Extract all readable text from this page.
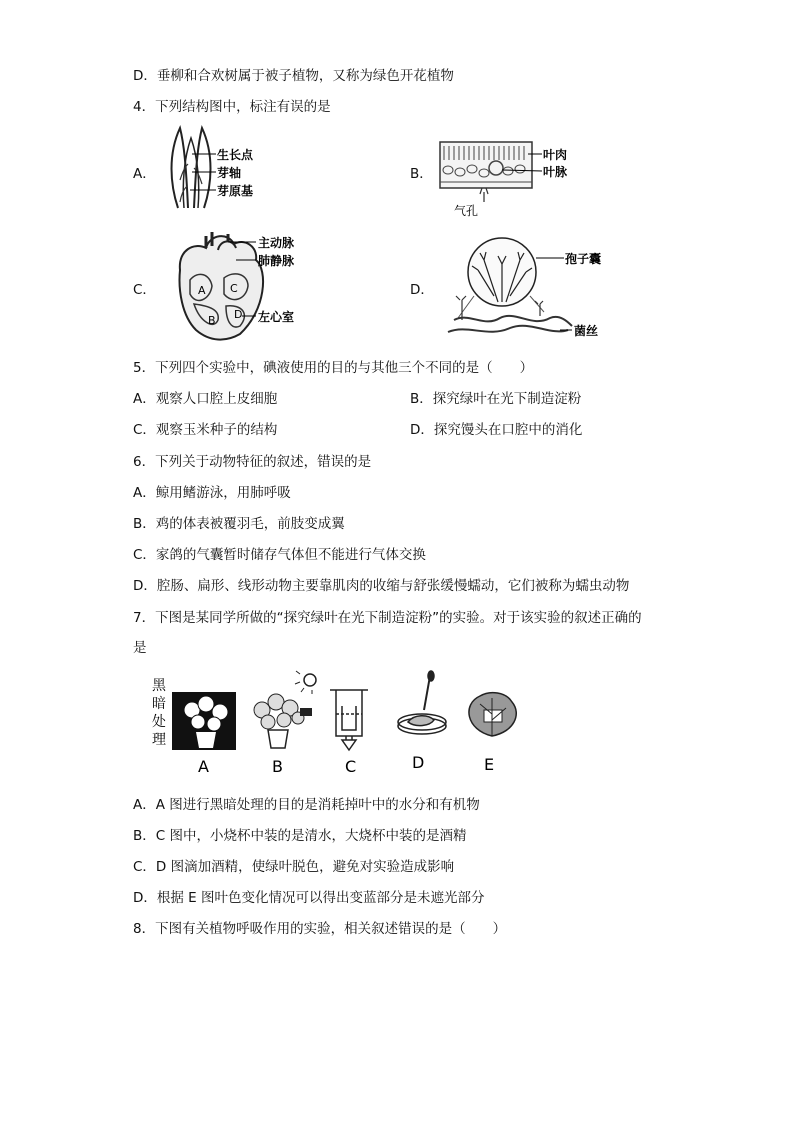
D．垂柳和合欢树属于被子植物，又称为绿色开花植物
4．下列结构图中，标注有误的是
A．	B．
C．	D．
生长点
芽轴
芽原基
叶肉
叶脉
气孔
A
B
C
D
主动脉
肺静脉
左心室
孢子囊
菌丝
5．下列四个实验中，碘液使用的目的与其他三个不同的是（　　）
A．观察人口腔上皮细胞	B．探究绿叶在光下制造淀粉
C．观察玉米种子的结构	D．探究馒头在口腔中的消化
6．下列关于动物特征的叙述，错误的是
A．鲸用鳍游泳，用肺呼吸
B．鸡的体表被覆羽毛，前肢变成翼
C．家鸽的气囊暂时储存气体但不能进行气体交换
D．腔肠、扁形、线形动物主要靠肌肉的收缩与舒张缓慢蠕动，它们被称为蠕虫动物
7．下图是某同学所做的“探究绿叶在光下制造淀粉”的实验。对于该实验的叙述正确的
是
黑
暗
处
理
A	B	C	D	E
A．A 图进行黑暗处理的目的是消耗掉叶中的水分和有机物
B．C 图中，小烧杯中装的是清水，大烧杯中装的是酒精
C．D 图滴加酒精，使绿叶脱色，避免对实验造成影响
D．根据 E 图叶色变化情况可以得出变蓝部分是未遮光部分
8．下图有关植物呼吸作用的实验，相关叙述错误的是（　　）
